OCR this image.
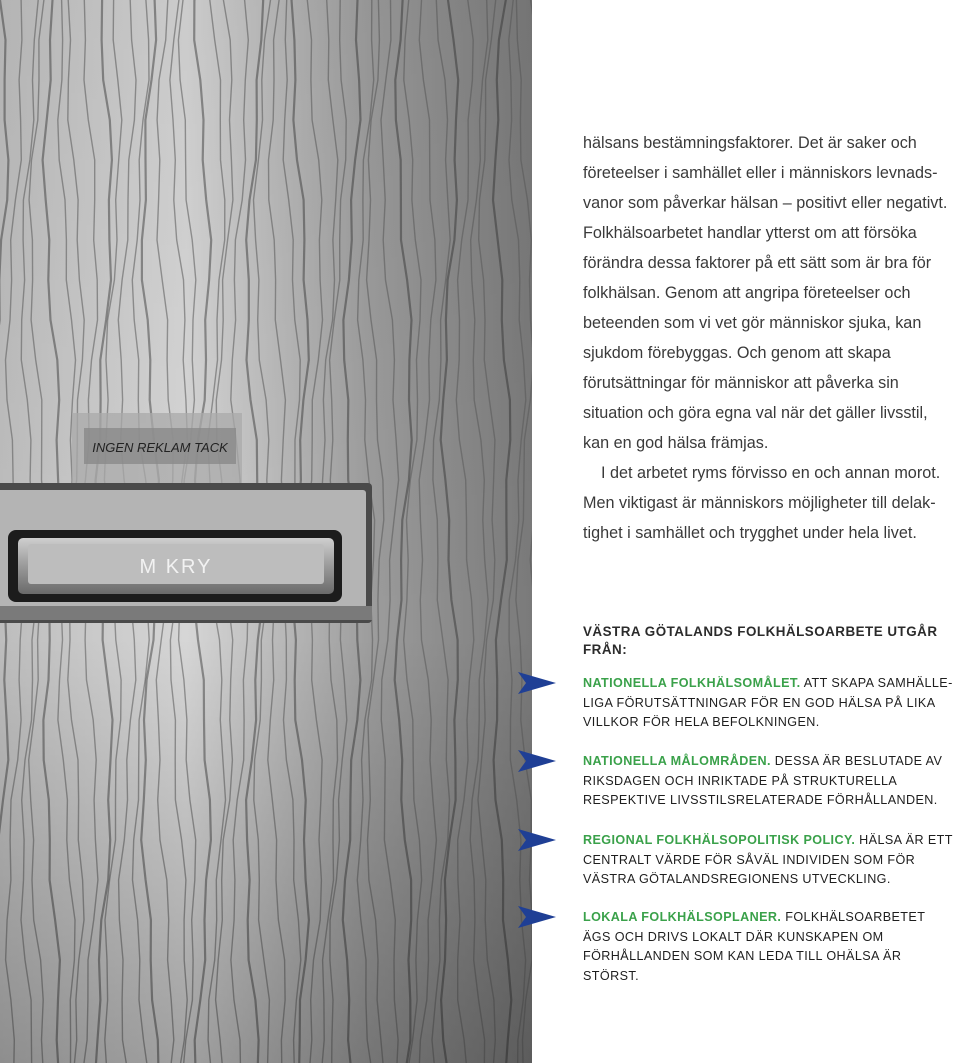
INGEN REKLAM TACK
M KRY

hälsans bestämningsfaktorer. Det är saker och företeelser i samhället eller i människors levnadsvanor som påverkar hälsan – positivt eller negativt. Folkhälsoarbetet handlar ytterst om att försöka förändra dessa faktorer på ett sätt som är bra för folkhälsan. Genom att angripa företeelser och beteenden som vi vet gör människor sjuka, kan sjukdom förebyggas. Och genom att skapa förutsättningar för människor att påverka sin situation och göra egna val när det gäller livsstil, kan en god hälsa främjas.

I det arbetet ryms förvisso en och annan morot. Men viktigast är människors möjligheter till delaktighet i samhället och trygghet under hela livet.

VÄSTRA GÖTALANDS FOLKHÄLSOARBETE UTGÅR FRÅN:
NATIONELLA FOLKHÄLSOMÅLET. ATT SKAPA SAMHÄLLELIGA FÖRUTSÄTTNINGAR FÖR EN GOD HÄLSA PÅ LIKA VILLKOR FÖR HELA BEFOLKNINGEN.
NATIONELLA MÅLOMRÅDEN. DESSA ÄR BESLUTADE AV RIKSDAGEN OCH INRIKTADE PÅ STRUKTURELLA RESPEKTIVE LIVSSTILSRELATERADE FÖRHÅLLANDEN.
REGIONAL FOLKHÄLSOPOLITISK POLICY. HÄLSA ÄR ETT CENTRALT VÄRDE FÖR SÅVÄL INDIVIDEN SOM FÖR VÄSTRA GÖTALANDSREGIONENS UTVECKLING.
LOKALA FOLKHÄLSOPLANER. FOLKHÄLSOARBETET ÄGS OCH DRIVS LOKALT DÄR KUNSKAPEN OM FÖRHÅLLANDEN SOM KAN LEDA TILL OHÄLSA ÄR STÖRST.
